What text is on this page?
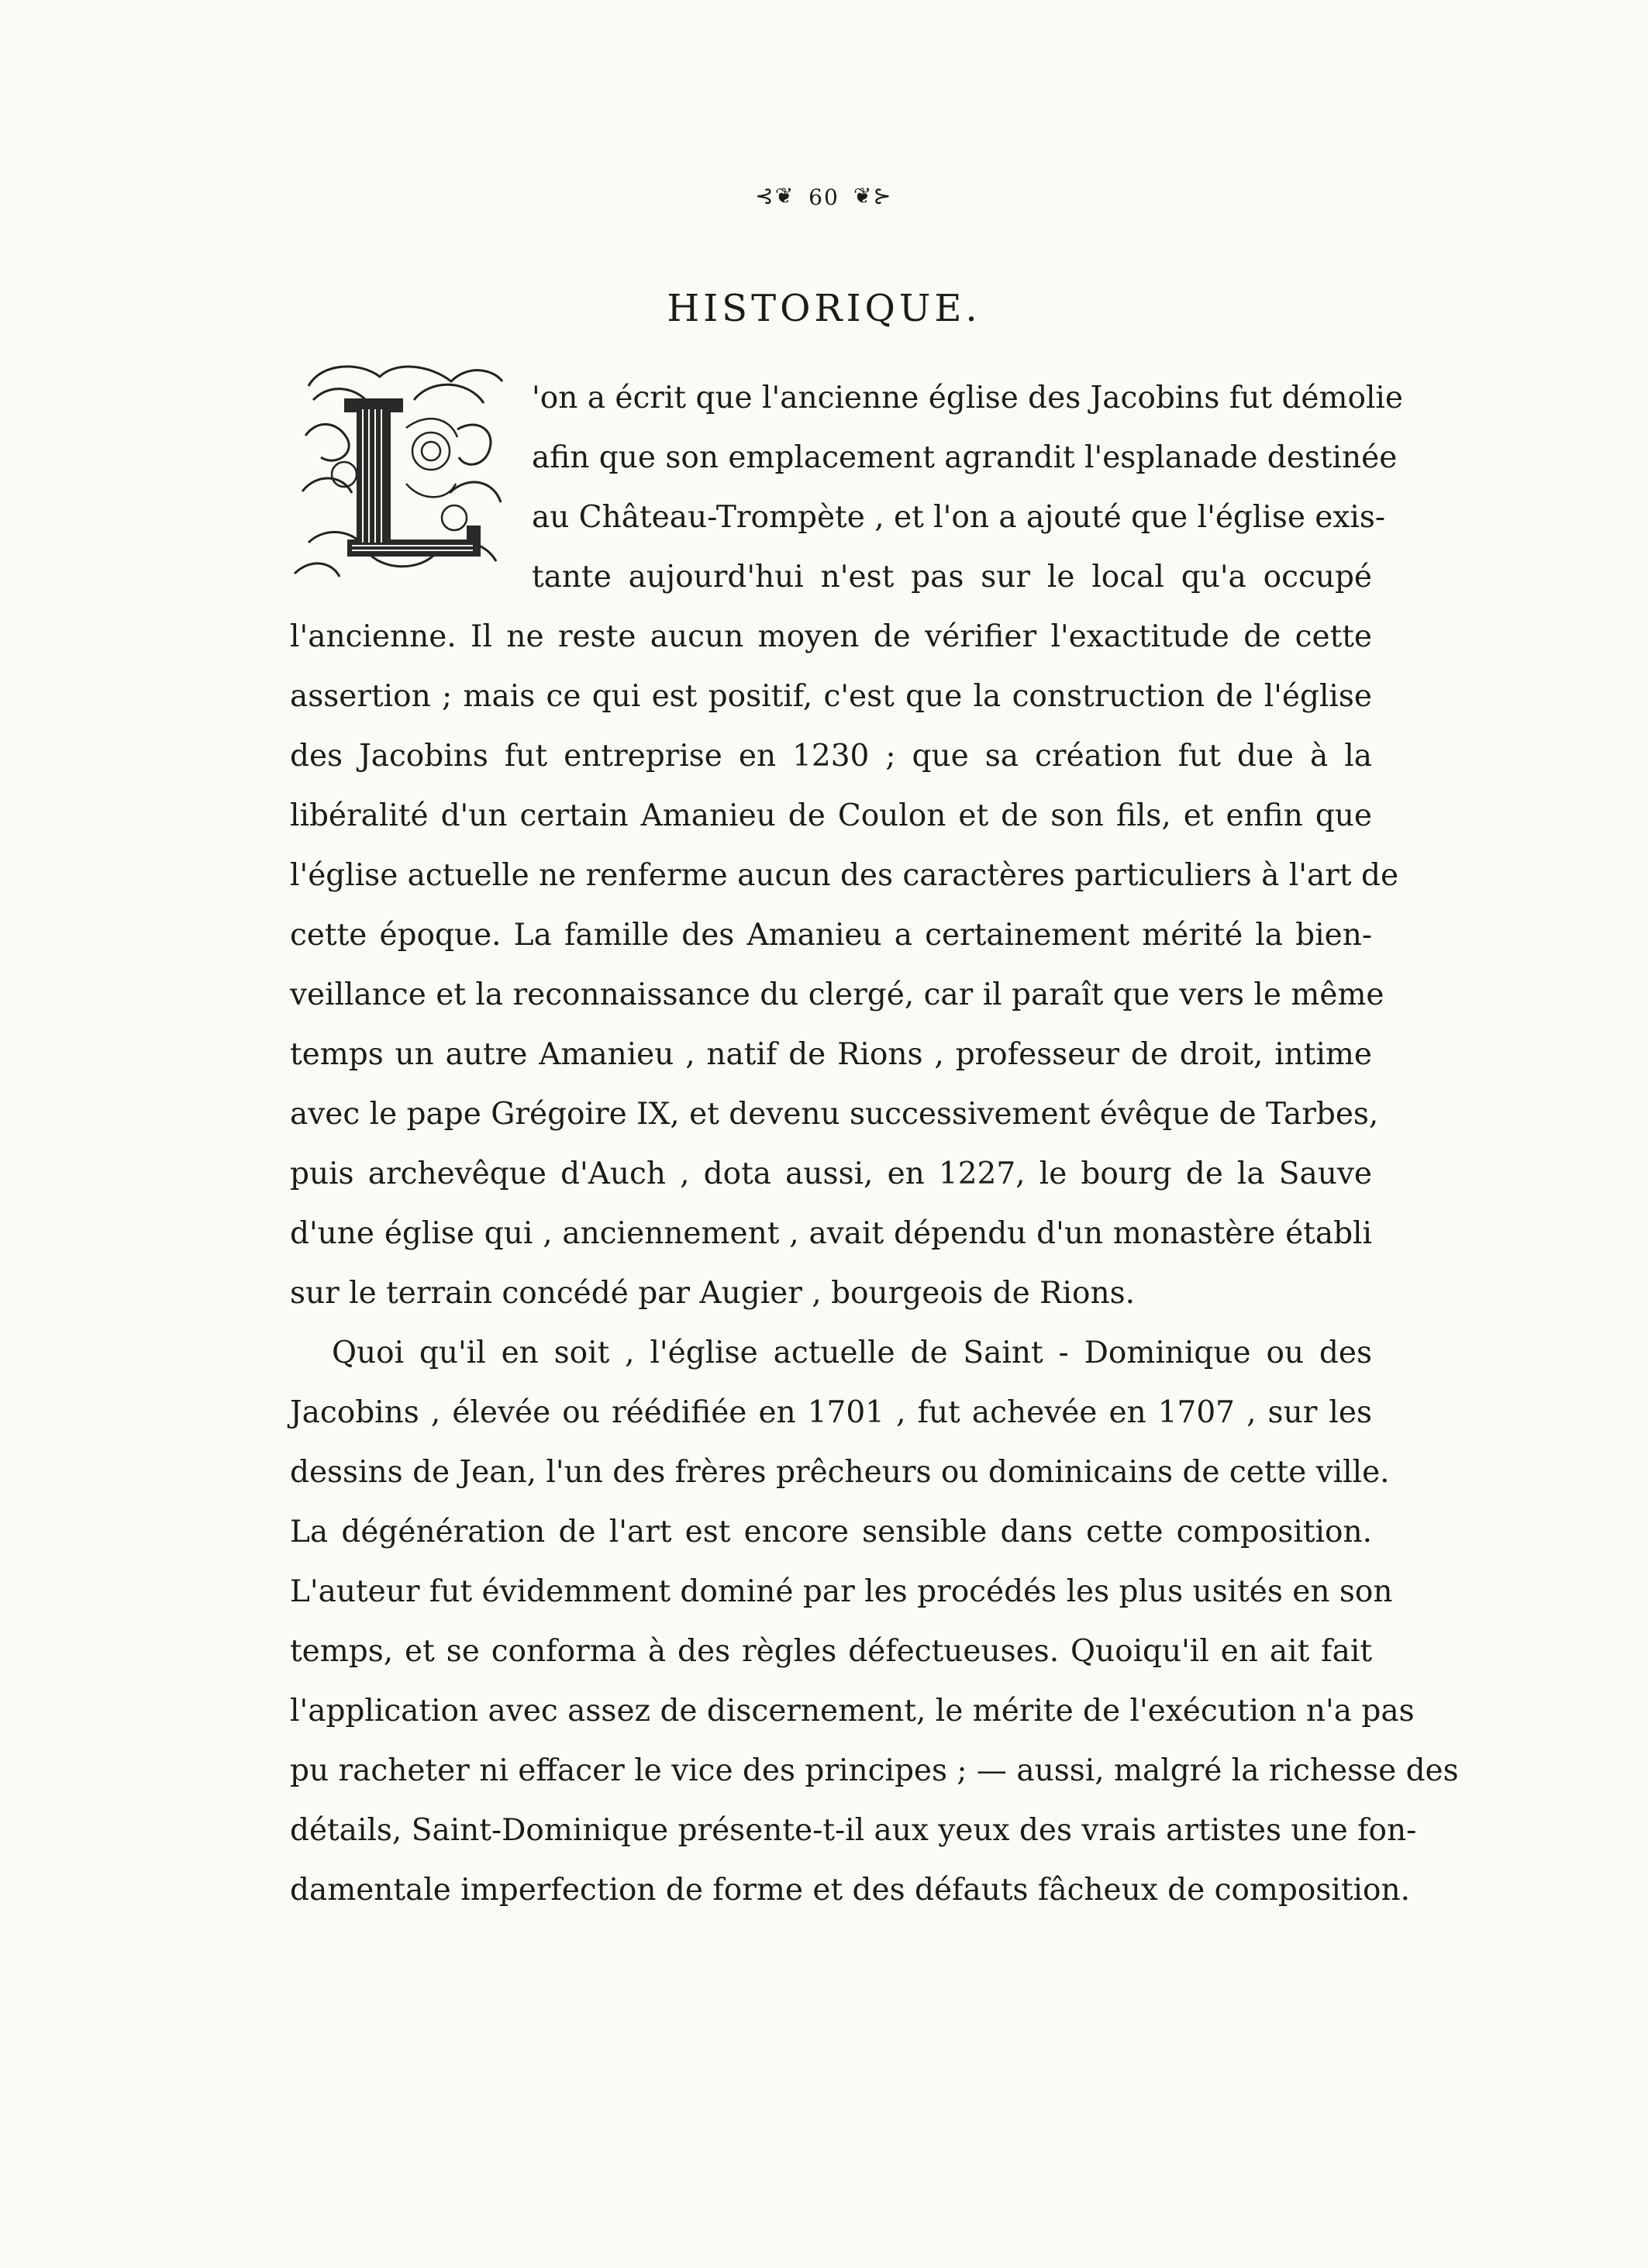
⊰❦ 60 ❦⊱
HISTORIQUE.
'on a écrit que l'ancienne église des Jacobins fut démolie
afin que son emplacement agrandit l'esplanade destinée
au Château-Trompète , et l'on a ajouté que l'église exis-
tante aujourd'hui n'est pas sur le local qu'a occupé
l'ancienne. Il ne reste aucun moyen de vérifier l'exactitude de cette
assertion ; mais ce qui est positif, c'est que la construction de l'église
des Jacobins fut entreprise en 1230 ; que sa création fut due à la
libéralité d'un certain Amanieu de Coulon et de son fils, et enfin que
l'église actuelle ne renferme aucun des caractères particuliers à l'art de
cette époque. La famille des Amanieu a certainement mérité la bien-
veillance et la reconnaissance du clergé, car il paraît que vers le même
temps un autre Amanieu , natif de Rions , professeur de droit, intime
avec le pape Grégoire IX, et devenu successivement évêque de Tarbes,
puis archevêque d'Auch , dota aussi, en 1227, le bourg de la Sauve
d'une église qui , anciennement , avait dépendu d'un monastère établi
sur le terrain concédé par Augier , bourgeois de Rions.
Quoi qu'il en soit , l'église actuelle de Saint - Dominique ou des
Jacobins , élevée ou réédifiée en 1701 , fut achevée en 1707 , sur les
dessins de Jean, l'un des frères prêcheurs ou dominicains de cette ville.
La dégénération de l'art est encore sensible dans cette composition.
L'auteur fut évidemment dominé par les procédés les plus usités en son
temps, et se conforma à des règles défectueuses. Quoiqu'il en ait fait
l'application avec assez de discernement, le mérite de l'exécution n'a pas
pu racheter ni effacer le vice des principes ; — aussi, malgré la richesse des
détails, Saint-Dominique présente-t-il aux yeux des vrais artistes une fon-
damentale imperfection de forme et des défauts fâcheux de composition.
